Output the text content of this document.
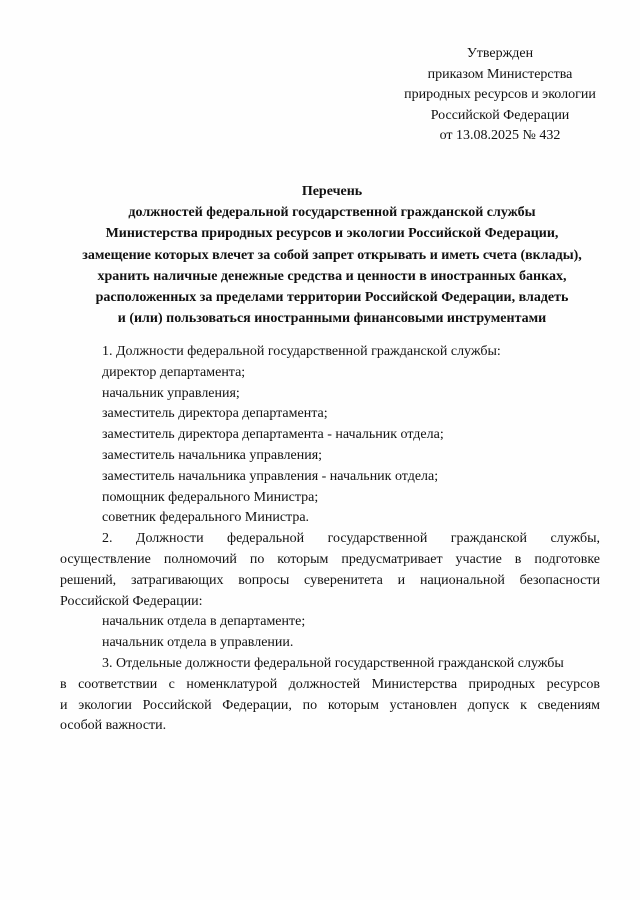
Утвержден
приказом Министерства
природных ресурсов и экологии
Российской Федерации
от 13.08.2025 № 432
Перечень
должностей федеральной государственной гражданской службы
Министерства природных ресурсов и экологии Российской Федерации,
замещение которых влечет за собой запрет открывать и иметь счета (вклады),
хранить наличные денежные средства и ценности в иностранных банках,
расположенных за пределами территории Российской Федерации, владеть
и (или) пользоваться иностранными финансовыми инструментами
1. Должности федеральной государственной гражданской службы:
директор департамента;
начальник управления;
заместитель директора департамента;
заместитель директора департамента - начальник отдела;
заместитель начальника управления;
заместитель начальника управления - начальник отдела;
помощник федерального Министра;
советник федерального Министра.
2. Должности федеральной государственной гражданской службы,
осуществление полномочий по которым предусматривает участие в подготовке
решений, затрагивающих вопросы суверенитета и национальной безопасности
Российской Федерации:
начальник отдела в департаменте;
начальник отдела в управлении.
3. Отдельные должности федеральной государственной гражданской службы
в соответствии с номенклатурой должностей Министерства природных ресурсов
и экологии Российской Федерации, по которым установлен допуск к сведениям
особой важности.
